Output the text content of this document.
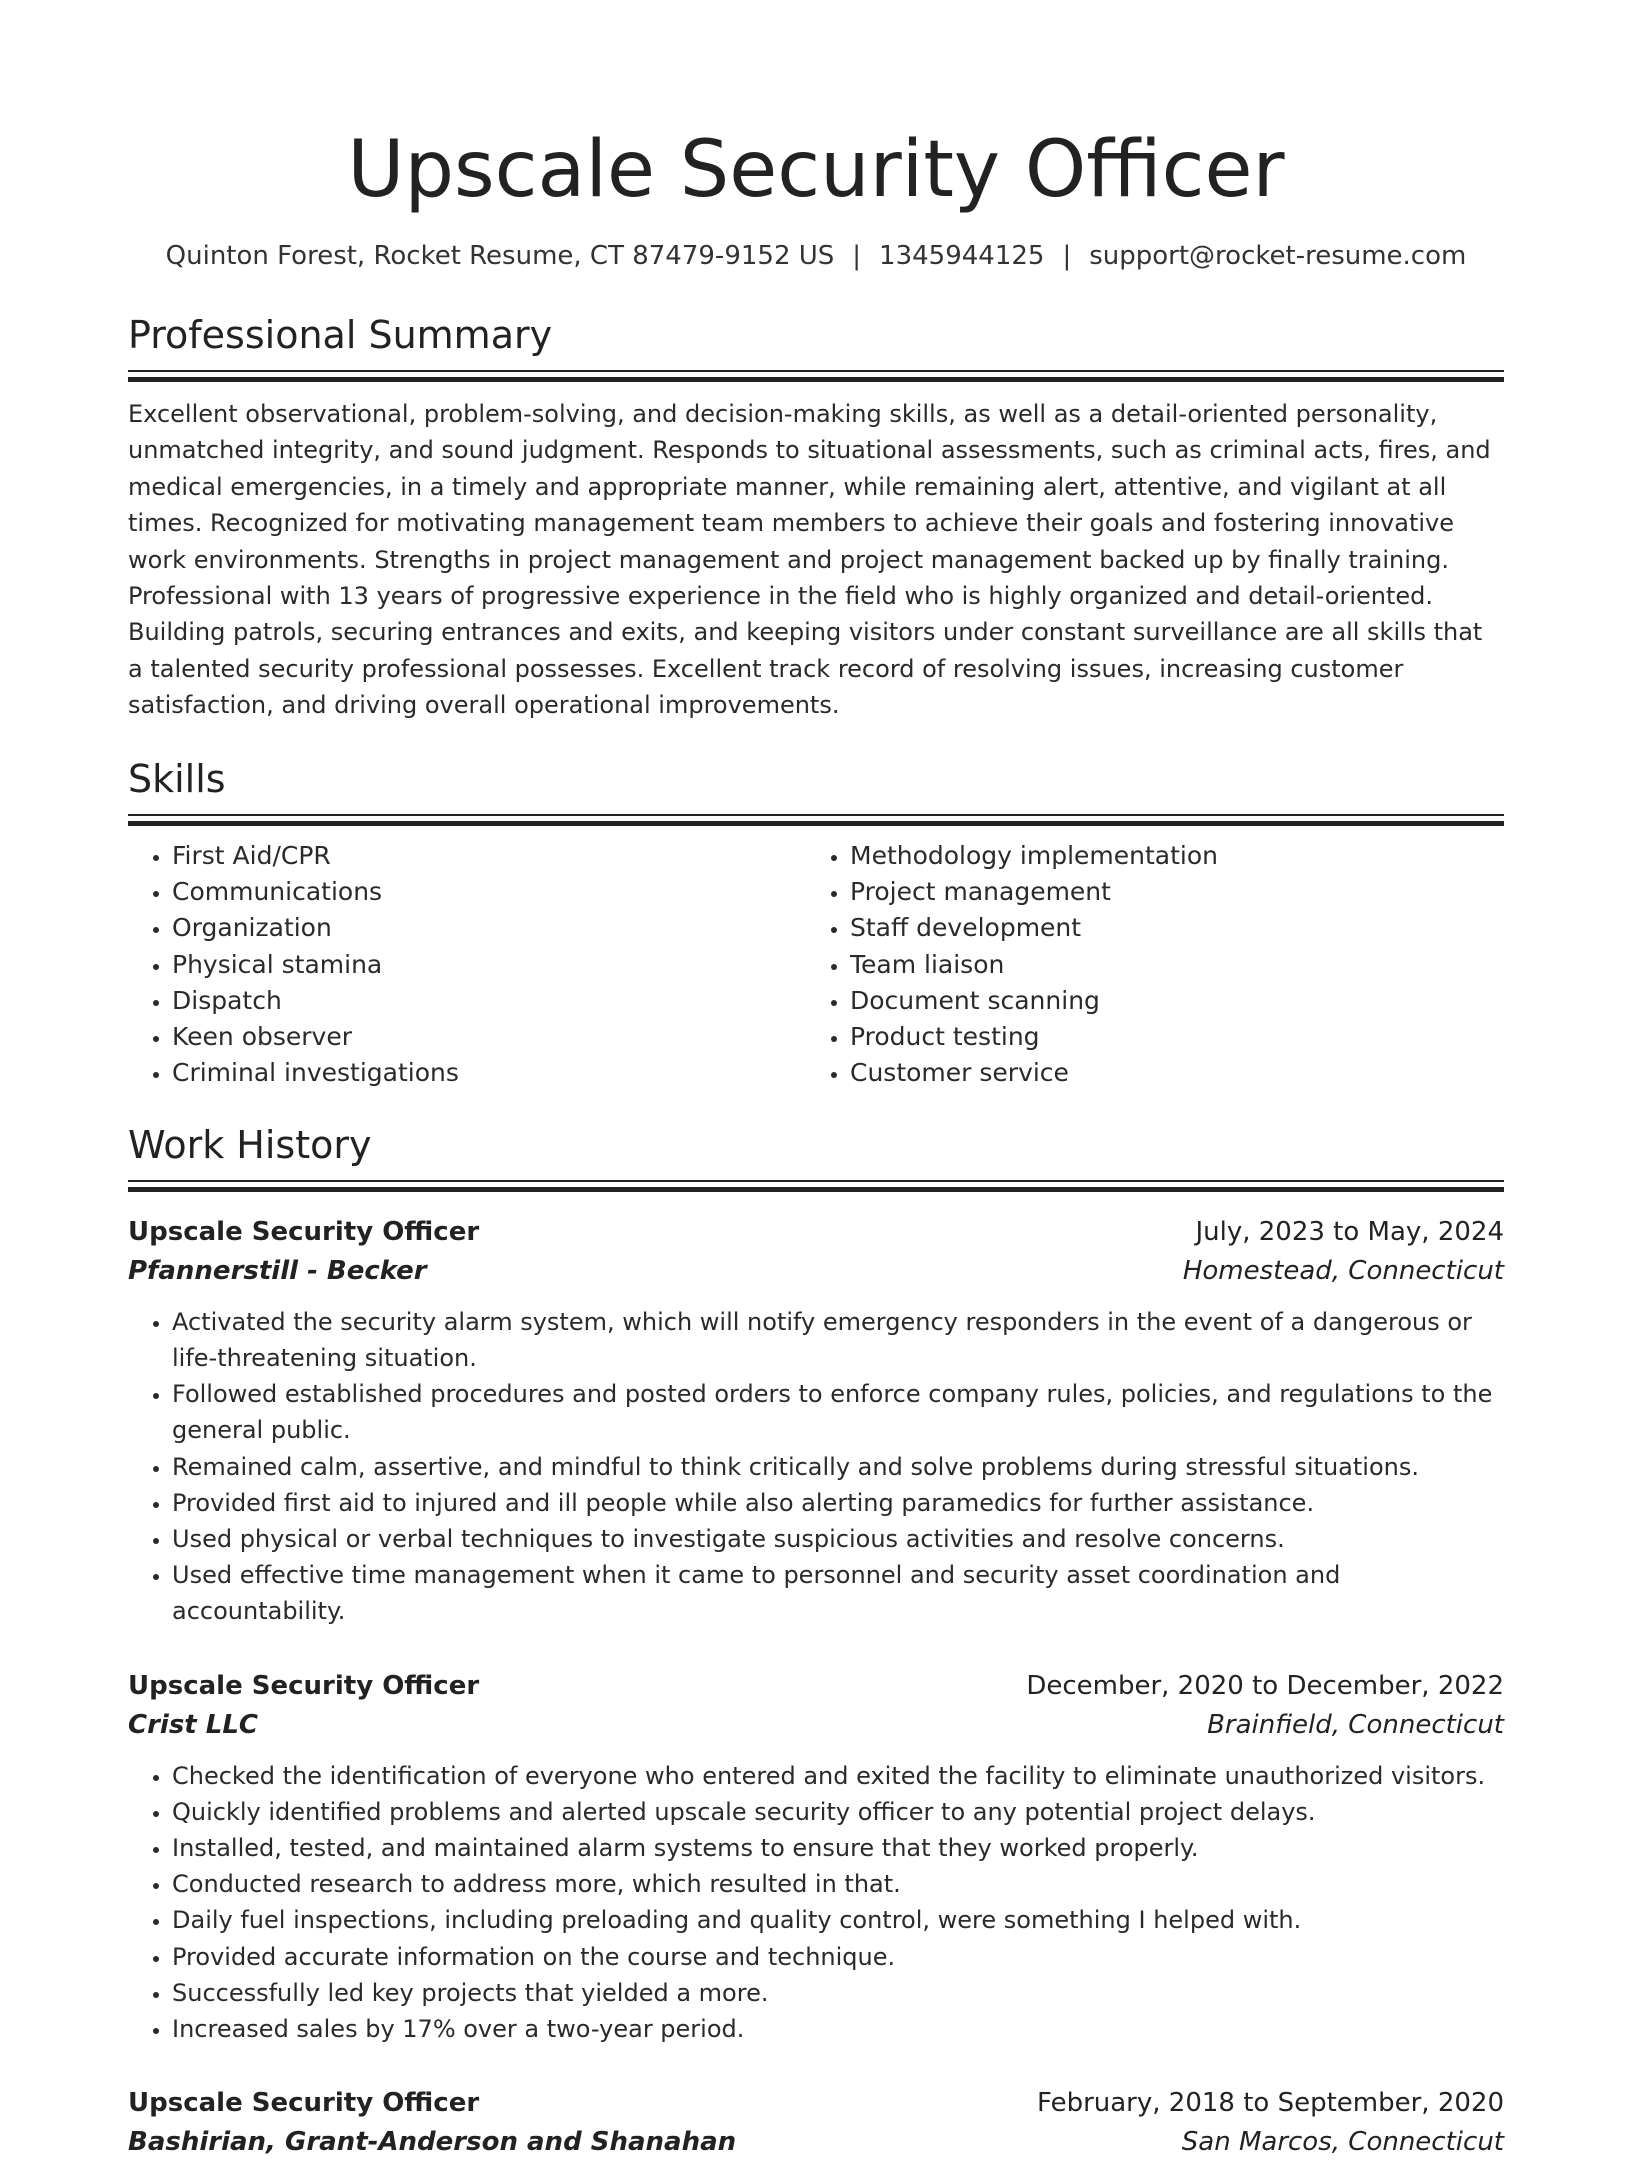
Upscale Security Officer
Quinton Forest, Rocket Resume, CT 87479-9152 US | 1345944125 | support@rocket-resume.com
Professional Summary

Excellent observational, problem-solving, and decision-making skills, as well as a detail-oriented personality, unmatched integrity, and sound judgment. Responds to situational assessments, such as criminal acts, fires, and medical emergencies, in a timely and appropriate manner, while remaining alert, attentive, and vigilant at all times. Recognized for motivating management team members to achieve their goals and fostering innovative work environments. Strengths in project management and project management backed up by finally training. Professional with 13 years of progressive experience in the field who is highly organized and detail-oriented. Building patrols, securing entrances and exits, and keeping visitors under constant surveillance are all skills that a talented security professional possesses. Excellent track record of resolving issues, increasing customer satisfaction, and driving overall operational improvements.

Skills
• First Aid/CPR
• Communications
• Organization
• Physical stamina
• Dispatch
• Keen observer
• Criminal investigations
• Methodology implementation
• Project management
• Staff development
• Team liaison
• Document scanning
• Product testing
• Customer service
Work History
Upscale Security Officer	July, 2023 to May, 2024
Pfannerstill - Becker	Homestead, Connecticut
• Activated the security alarm system, which will notify emergency responders in the event of a dangerous or life-threatening situation.
• Followed established procedures and posted orders to enforce company rules, policies, and regulations to the general public.
• Remained calm, assertive, and mindful to think critically and solve problems during stressful situations.
• Provided first aid to injured and ill people while also alerting paramedics for further assistance.
• Used physical or verbal techniques to investigate suspicious activities and resolve concerns.
• Used effective time management when it came to personnel and security asset coordination and accountability.
Upscale Security Officer	December, 2020 to December, 2022
Crist LLC	Brainfield, Connecticut
• Checked the identification of everyone who entered and exited the facility to eliminate unauthorized visitors.
• Quickly identified problems and alerted upscale security officer to any potential project delays.
• Installed, tested, and maintained alarm systems to ensure that they worked properly.
• Conducted research to address more, which resulted in that.
• Daily fuel inspections, including preloading and quality control, were something I helped with.
• Provided accurate information on the course and technique.
• Successfully led key projects that yielded a more.
• Increased sales by 17% over a two-year period.
Upscale Security Officer	February, 2018 to September, 2020
Bashirian, Grant-Anderson and Shanahan	San Marcos, Connecticut
